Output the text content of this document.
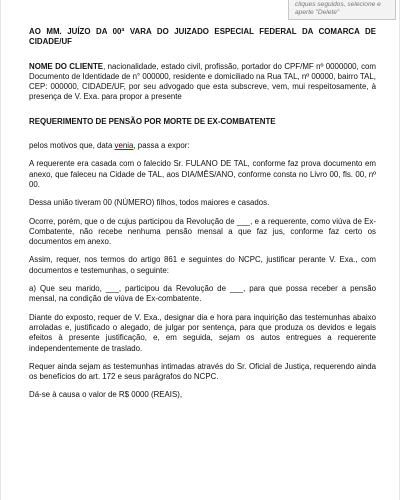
cliques seguidos, selecione e
aperte "Delete"

AO MM. JUÍZO DA 00ª VARA DO JUIZADO ESPECIAL FEDERAL DA COMARCA DE CIDADE/UF

NOME DO CLIENTE, nacionalidade, estado civil, profissão, portador do CPF/MF nº 0000000, com Documento de Identidade de n° 000000, residente e domiciliado na Rua TAL, nº 00000, bairro TAL, CEP: 000000, CIDADE/UF, por seu advogado que esta subscreve, vem, mui respeitosamente, à presença de V. Exa. para propor a presente

REQUERIMENTO DE PENSÃO POR MORTE DE EX-COMBATENTE

pelos motivos que, data venia, passa a expor:

A requerente era casada com o falecido Sr. FULANO DE TAL, conforme faz prova documento em anexo, que faleceu na Cidade de TAL, aos DIA/MÊS/ANO, conforme consta no Livro 00, fls. 00, nº 00.

Dessa união tiveram 00 (NÚMERO) filhos, todos maiores e casados.

Ocorre, porém, que o de cujus participou da Revolução de ___, e a requerente, como viúva de Ex-Combatente, não recebe nenhuma pensão mensal a que faz jus, conforme faz certo os documentos em anexo.

Assim, requer, nos termos do artigo 861 e seguintes do NCPC, justificar perante V. Exa., com documentos e testemunhas, o seguinte:

a) Que seu marido, ___, participou da Revolução de ___, para que possa receber a pensão mensal, na condição de viúva de Ex-combatente.

Diante do exposto, requer de V. Exa., designar dia e hora para inquirição das testemunhas abaixo arroladas e, justificado o alegado, de julgar por sentença, para que produza os devidos e legais efeitos à presente justificação, e, em seguida, sejam os autos entregues a requerente independentemente de traslado.

Requer ainda sejam as testemunhas intimadas através do Sr. Oficial de Justiça, requerendo ainda os benefícios do art. 172 e seus parágrafos do NCPC.

Dá-se à causa o valor de R$ 0000 (REAIS),
